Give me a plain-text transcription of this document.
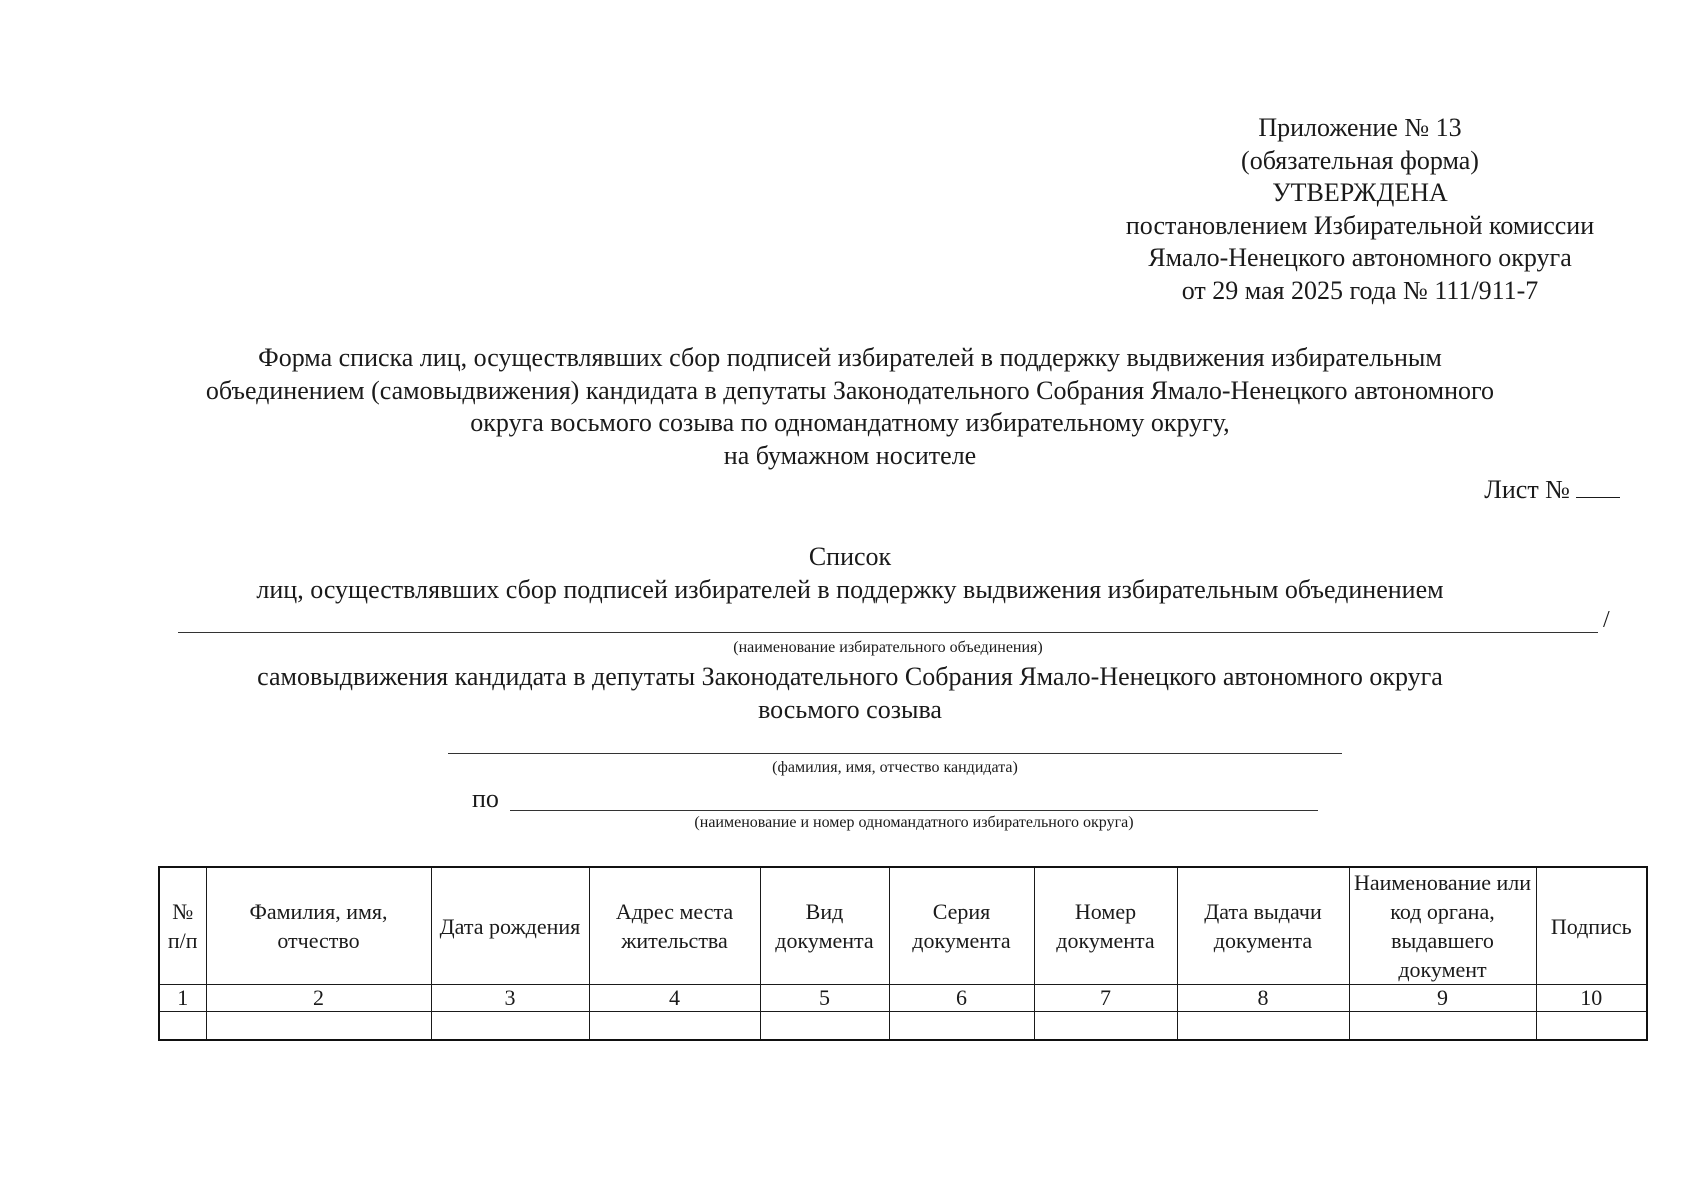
Приложение № 13
(обязательная форма)
УТВЕРЖДЕНА
постановлением Избирательной комиссии
Ямало-Ненецкого автономного округа
от 29 мая 2025 года № 111/911-7
Форма списка лиц, осуществлявших сбор подписей избирателей в поддержку выдвижения избирательным
объединением (самовыдвижения) кандидата в депутаты Законодательного Собрания Ямало-Ненецкого автономного
округа восьмого созыва по одномандатному избирательному округу,
на бумажном носителе
Лист №
Список
лиц, осуществлявших сбор подписей избирателей в поддержку выдвижения избирательным объединением
/
(наименование избирательного объединения)
самовыдвижения кандидата в депутаты Законодательного Собрания Ямало-Ненецкого автономного округа
восьмого созыва
(фамилия, имя, отчество кандидата)
по
(наименование и номер одномандатного избирательного округа)
№ п/п	Фамилия, имя, отчество	Дата рождения	Адрес места жительства	Вид документа	Серия документа	Номер документа	Дата выдачи документа	Наименование или код органа, выдавшего документ	Подпись
1	2	3	4	5	6	7	8	9	10
